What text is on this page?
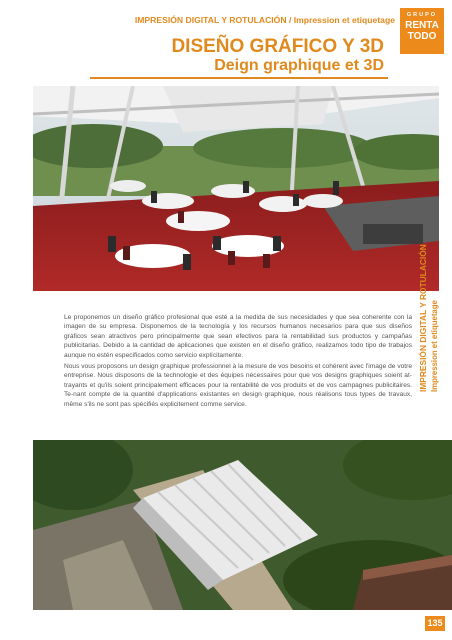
IMPRESIÓN DIGITAL Y ROTULACIÓN / Impression et etiquetage	GRUPO
RENTA
TODO
DISEÑO GRÁFICO Y 3D
Deign graphique et 3D
IMPRESIÓN DIGITAL Y ROTULACIÓN Impression et etiquetage

Le proponemos un diseño gráfico profesional que esté a la medida de sus necesidades y que sea coherente con la imagen de su empresa. Disponemos de la tecnología y los recursos humanos necesarios para que sus diseños gráficos sean atractivos pero principalmente que sean efectivos para la rentabilidad sus productos y campañas publicitarias. Debido a la cantidad de aplicaciones que existen en el diseño gráfico, realizamos todo tipo de trabajos aunque no estén especificados como servicio explícitamente.

Nous vous proposons un design graphique professionnel à la mesure de vos besoins et cohérent avec l'image de votre entreprise. Nous disposons de la technologie et des équipes nécessaires pour que vos designs graphiques soient at-trayants et qu'ils soient principalement efficaces pour la rentabilité de vos produits et de vos campagnes publicitaires. Te-nant compte de la quantité d'applications existantes en design graphique, nous réalisons tous types de travaux, même s'ils ne sont pas spécifiés explicitement comme service.

135
